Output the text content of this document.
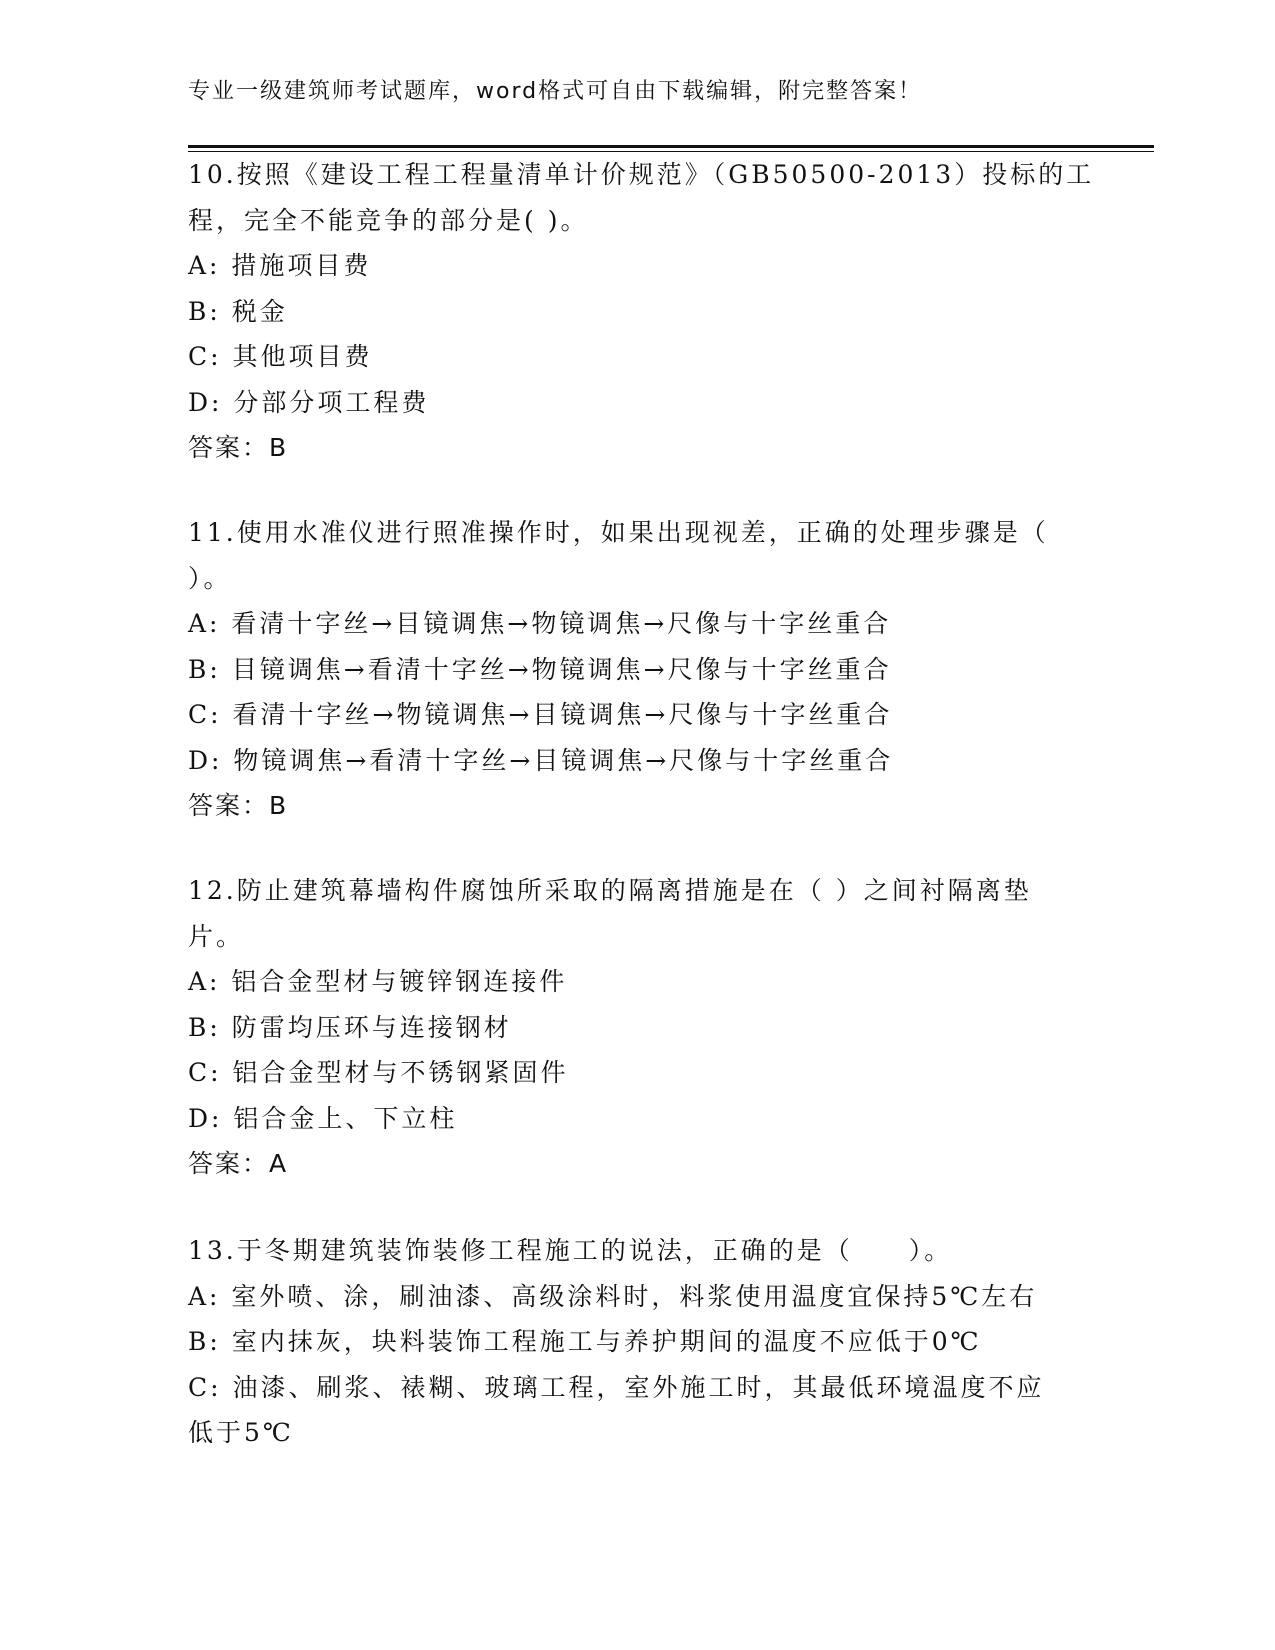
专业一级建筑师考试题库，word格式可自由下载编辑，附完整答案！
10.按照《建设工程工程量清单计价规范》（GB50500-2013）投标的工
程，完全不能竞争的部分是( )。
A: 措施项目费
B: 税金
C: 其他项目费
D: 分部分项工程费
答案：B
11.使用水准仪进行照准操作时，如果出现视差，正确的处理步骤是（
）。
A: 看清十字丝→目镜调焦→物镜调焦→尺像与十字丝重合
B: 目镜调焦→看清十字丝→物镜调焦→尺像与十字丝重合
C: 看清十字丝→物镜调焦→目镜调焦→尺像与十字丝重合
D: 物镜调焦→看清十字丝→目镜调焦→尺像与十字丝重合
答案：B
12.防止建筑幕墙构件腐蚀所采取的隔离措施是在（ ）之间衬隔离垫
片。
A: 铝合金型材与镀锌钢连接件
B: 防雷均压环与连接钢材
C: 铝合金型材与不锈钢紧固件
D: 铝合金上、下立柱
答案：A
13.于冬期建筑装饰装修工程施工的说法，正确的是（　　）。
A: 室外喷、涂，刷油漆、高级涂料时，料浆使用温度宜保持5℃左右
B: 室内抹灰，块料装饰工程施工与养护期间的温度不应低于0℃
C: 油漆、刷浆、裱糊、玻璃工程，室外施工时，其最低环境温度不应
低于5℃
